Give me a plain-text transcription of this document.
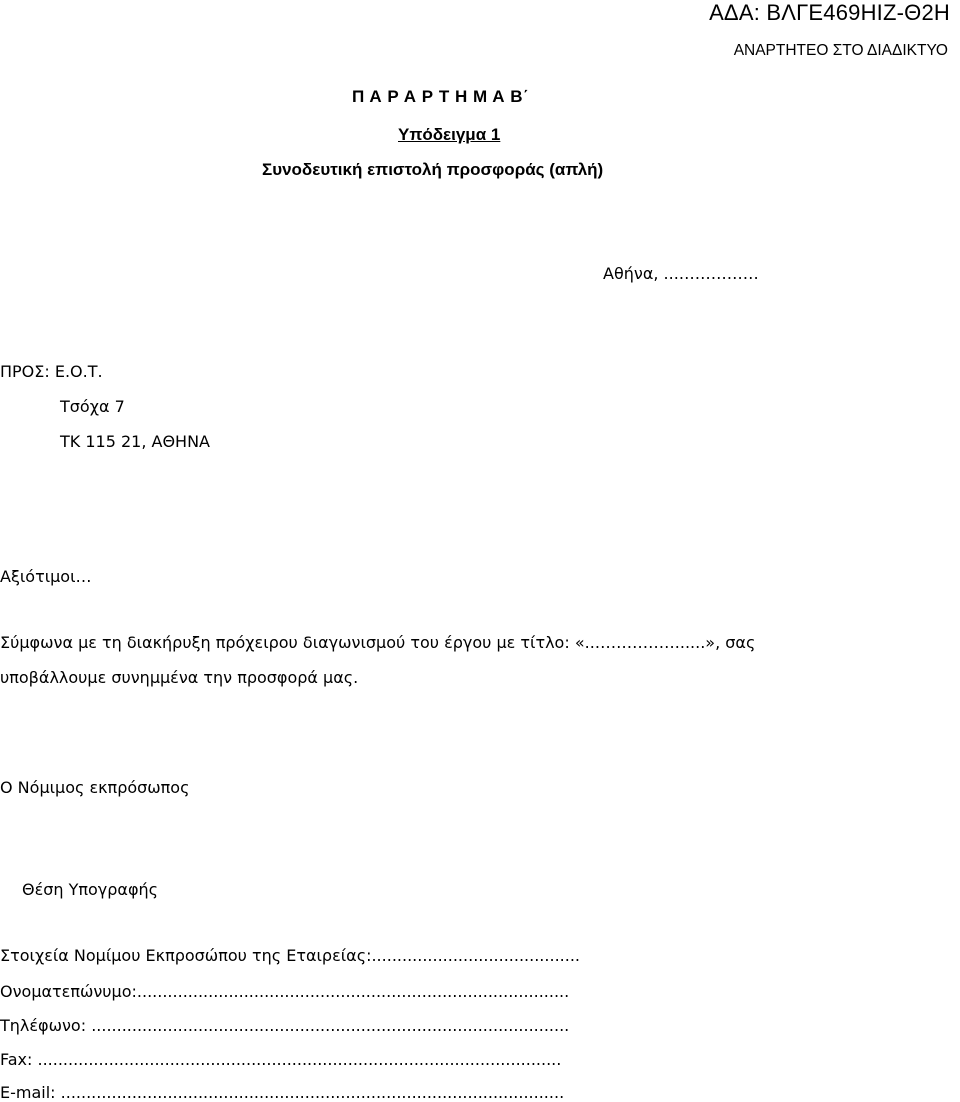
ΑΔΑ: ΒΛΓΕ469ΗΙΖ-Θ2Η
ΑΝΑΡΤΗΤΕΟ ΣΤΟ ΔΙΑΔΙΚΤΥΟ
Π Α Ρ Α Ρ Τ Η Μ Α Β΄
Υπόδειγμα 1
Συνοδευτική επιστολή προσφοράς (απλή)
Αθήνα, ...……………
ΠΡΟΣ: Ε.Ο.Τ.
Τσόχα 7
ΤΚ 115 21, ΑΘΗΝΑ
Αξιότιμοι…
Σύμφωνα με τη διακήρυξη πρόχειρου διαγωνισμού του έργου με τίτλο: «..……………......», σας
υποβάλλουμε συνημμένα την προσφορά μας.
Ο Νόμιμος εκπρόσωπος
Θέση Υπογραφής
Στοιχεία Νομίμου Εκπροσώπου της Εταιρείας:.........................................
Ονοματεπώνυμο:.....................................................................................
Τηλέφωνο: ..............................................................................................
Fax: .......................................................................................................
E-mail: ...................................................................................................
